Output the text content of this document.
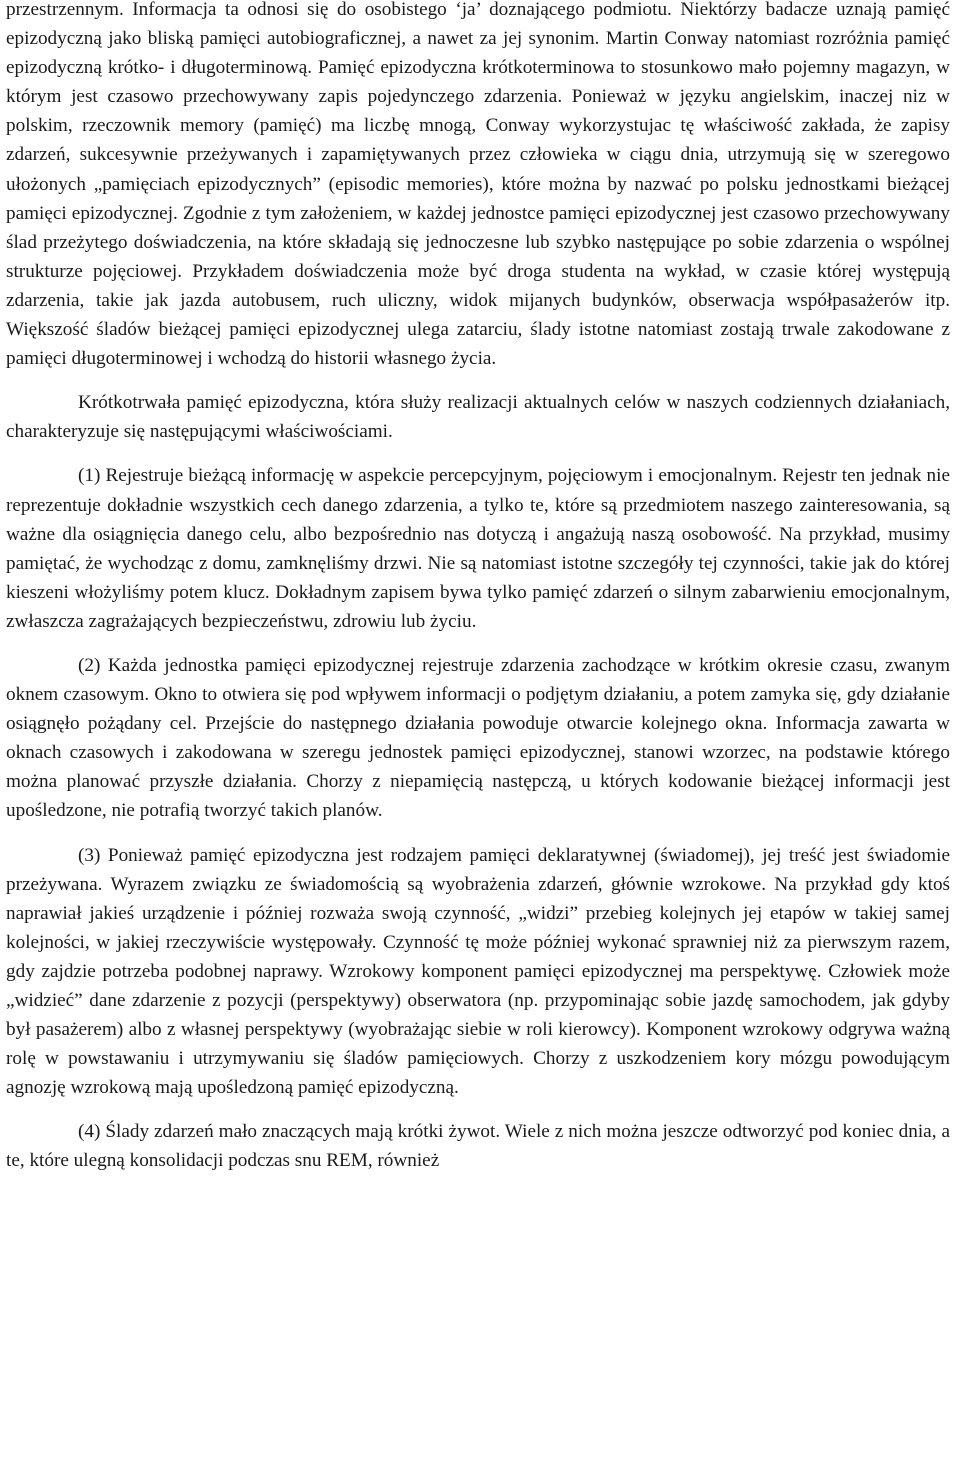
przestrzennym. Informacja ta odnosi się do osobistego ‘ja’ doznającego podmiotu. Niektórzy badacze uznają pamięć epizodyczną jako bliską pamięci autobiograficznej, a nawet za jej synonim. Martin Conway natomiast rozróżnia pamięć epizodyczną krótko- i długoterminową. Pamięć epizodyczna krótkoterminowa to stosunkowo mało pojemny magazyn, w którym jest czasowo przechowywany zapis pojedynczego zdarzenia. Ponieważ w języku angielskim, inaczej niz w polskim, rzeczownik memory (pamięć) ma liczbę mnogą, Conway wykorzystujac tę właściwość zakłada, że zapisy zdarzeń, sukcesywnie przeżywanych i zapamiętywanych przez człowieka w ciągu dnia, utrzymują się w szeregowo ułożonych „pamięciach epizodycznych” (episodic memories), które można by nazwać po polsku jednostkami bieżącej pamięci epizodycznej. Zgodnie z tym założeniem, w każdej jednostce pamięci epizodycznej jest czasowo przechowywany ślad przeżytego doświadczenia, na które składają się jednoczesne lub szybko następujące po sobie zdarzenia o wspólnej strukturze pojęciowej. Przykładem doświadczenia może być droga studenta na wykład, w czasie której występują zdarzenia, takie jak jazda autobusem, ruch uliczny, widok mijanych budynków, obserwacja współpasażerów itp. Większość śladów bieżącej pamięci epizodycznej ulega zatarciu, ślady istotne natomiast zostają trwale zakodowane z pamięci długoterminowej i wchodzą do historii własnego życia.

Krótkotrwała pamięć epizodyczna, która służy realizacji aktualnych celów w naszych codziennych działaniach, charakteryzuje się następującymi właściwościami.

(1) Rejestruje bieżącą informację w aspekcie percepcyjnym, pojęciowym i emocjonalnym. Rejestr ten jednak nie reprezentuje dokładnie wszystkich cech danego zdarzenia, a tylko te, które są przedmiotem naszego zainteresowania, są ważne dla osiągnięcia danego celu, albo bezpośrednio nas dotyczą i angażują naszą osobowość. Na przykład, musimy pamiętać, że wychodząc z domu, zamknęliśmy drzwi. Nie są natomiast istotne szczegóły tej czynności, takie jak do której kieszeni włożyliśmy potem klucz. Dokładnym zapisem bywa tylko pamięć zdarzeń o silnym zabarwieniu emocjonalnym, zwłaszcza zagrażających bezpieczeństwu, zdrowiu lub życiu.

(2) Każda jednostka pamięci epizodycznej rejestruje zdarzenia zachodzące w krótkim okresie czasu, zwanym oknem czasowym. Okno to otwiera się pod wpływem informacji o podjętym działaniu, a potem zamyka się, gdy działanie osiągnęło pożądany cel. Przejście do następnego działania powoduje otwarcie kolejnego okna. Informacja zawarta w oknach czasowych i zakodowana w szeregu jednostek pamięci epizodycznej, stanowi wzorzec, na podstawie którego można planować przyszłe działania. Chorzy z niepamięcią następczą, u których kodowanie bieżącej informacji jest upośledzone, nie potrafią tworzyć takich planów.

(3) Ponieważ pamięć epizodyczna jest rodzajem pamięci deklaratywnej (świadomej), jej treść jest świadomie przeżywana. Wyrazem związku ze świadomością są wyobrażenia zdarzeń, głównie wzrokowe. Na przykład gdy ktoś naprawiał jakieś urządzenie i później rozważa swoją czynność, „widzi” przebieg kolejnych jej etapów w takiej samej kolejności, w jakiej rzeczywiście występowały. Czynność tę może później wykonać sprawniej niż za pierwszym razem, gdy zajdzie potrzeba podobnej naprawy. Wzrokowy komponent pamięci epizodycznej ma perspektywę. Człowiek może „widzieć” dane zdarzenie z pozycji (perspektywy) obserwatora (np. przypominając sobie jazdę samochodem, jak gdyby był pasażerem) albo z własnej perspektywy (wyobrażając siebie w roli kierowcy). Komponent wzrokowy odgrywa ważną rolę w powstawaniu i utrzymywaniu się śladów pamięciowych. Chorzy z uszkodzeniem kory mózgu powodującym agnozję wzrokową mają upośledzoną pamięć epizodyczną.

(4) Ślady zdarzeń mało znaczących mają krótki żywot. Wiele z nich można jeszcze odtworzyć pod koniec dnia, a te, które ulegną konsolidacji podczas snu REM, również
